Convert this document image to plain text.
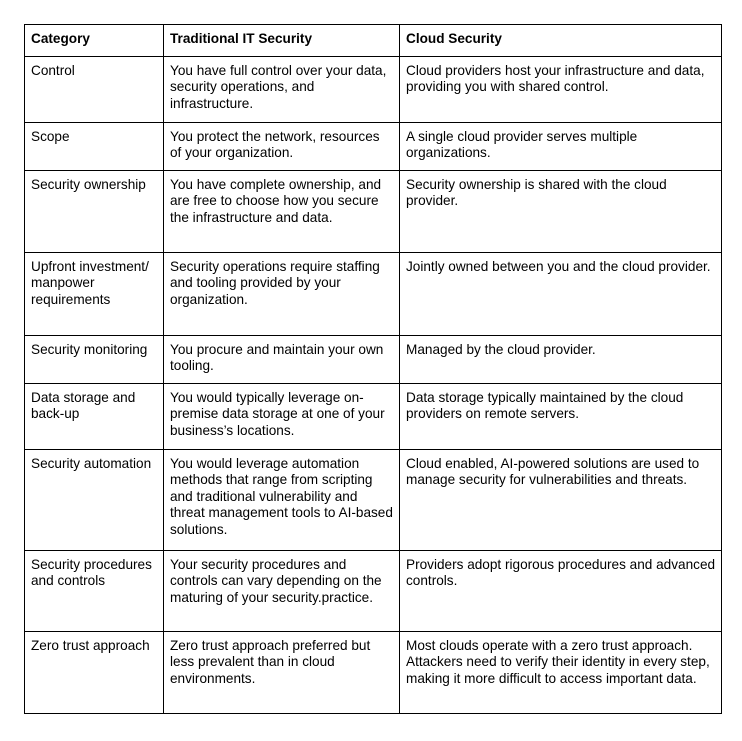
Category	Traditional IT Security	Cloud Security
Control	You have full control over your data, security operations, and infrastructure.	Cloud providers host your infrastructure and data, providing you with shared control.
Scope	You protect the network, resources of your organization.	A single cloud provider serves multiple organizations.
Security ownership	You have complete ownership, and are free to choose how you secure the infrastructure and data.	Security ownership is shared with the cloud provider.
Upfront investment/ manpower requirements	Security operations require staffing and tooling provided by your organization.	Jointly owned between you and the cloud provider.
Security monitoring	You procure and maintain your own tooling.	Managed by the cloud provider.
Data storage and back-up	You would typically leverage on-premise data storage at one of your business’s locations.	Data storage typically maintained by the cloud providers on remote servers.
Security automation	You would leverage automation methods that range from scripting and traditional vulnerability and threat management tools to AI-based solutions.	Cloud enabled, AI-powered solutions are used to manage security for vulnerabilities and threats.
Security procedures and controls	Your security procedures and controls can vary depending on the maturing of your security.practice.	Providers adopt rigorous procedures and advanced controls.
Zero trust approach	Zero trust approach preferred but less prevalent than in cloud environments.	Most clouds operate with a zero trust approach. Attackers need to verify their identity in every step, making it more difficult to access important data.
